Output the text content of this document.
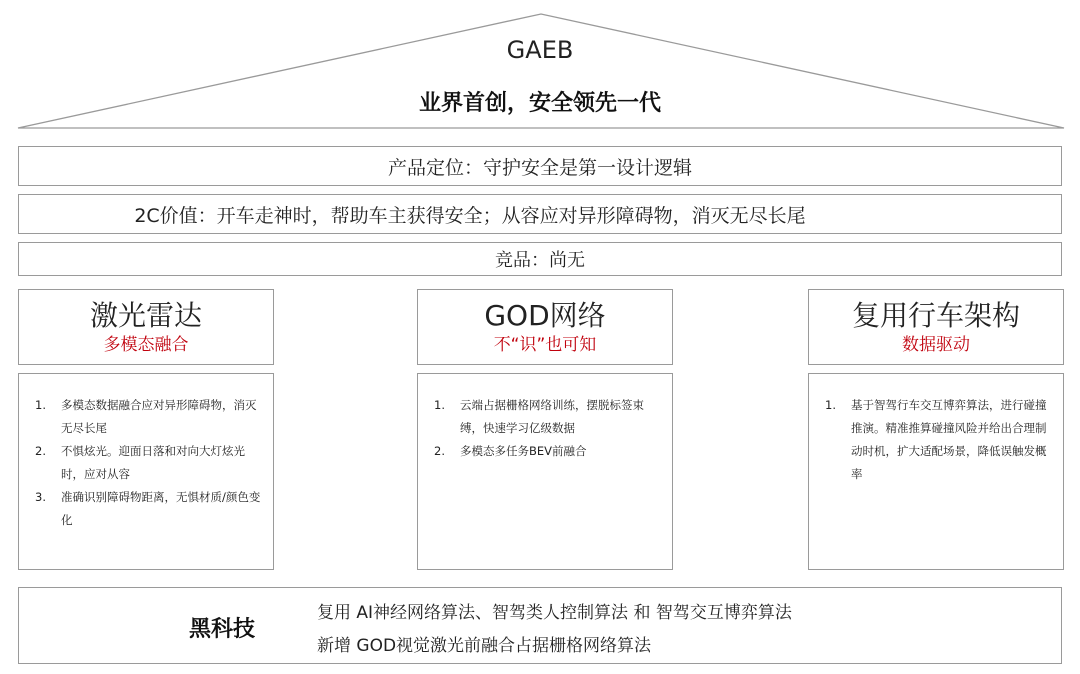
GAEB
业界首创，安全领先一代
产品定位：守护安全是第一设计逻辑
2C价值：开车走神时，帮助车主获得安全；从容应对异形障碍物，消灭无尽长尾
竞品：尚无
激光雷达
多模态融合
1. 多模态数据融合应对异形障碍物，消灭无尽长尾
2. 不惧炫光。迎面日落和对向大灯炫光时，应对从容
3. 准确识别障碍物距离，无惧材质/颜色变化
GOD网络
不“识”也可知
1. 云端占据栅格网络训练，摆脱标签束缚，快速学习亿级数据
2. 多模态多任务BEV前融合
复用行车架构
数据驱动
1. 基于智驾行车交互博弈算法，进行碰撞推演。精准推算碰撞风险并给出合理制动时机，扩大适配场景，降低误触发概率
黑科技
复用 AI神经网络算法、智驾类人控制算法 和 智驾交互博弈算法
新增 GOD视觉激光前融合占据栅格网络算法
